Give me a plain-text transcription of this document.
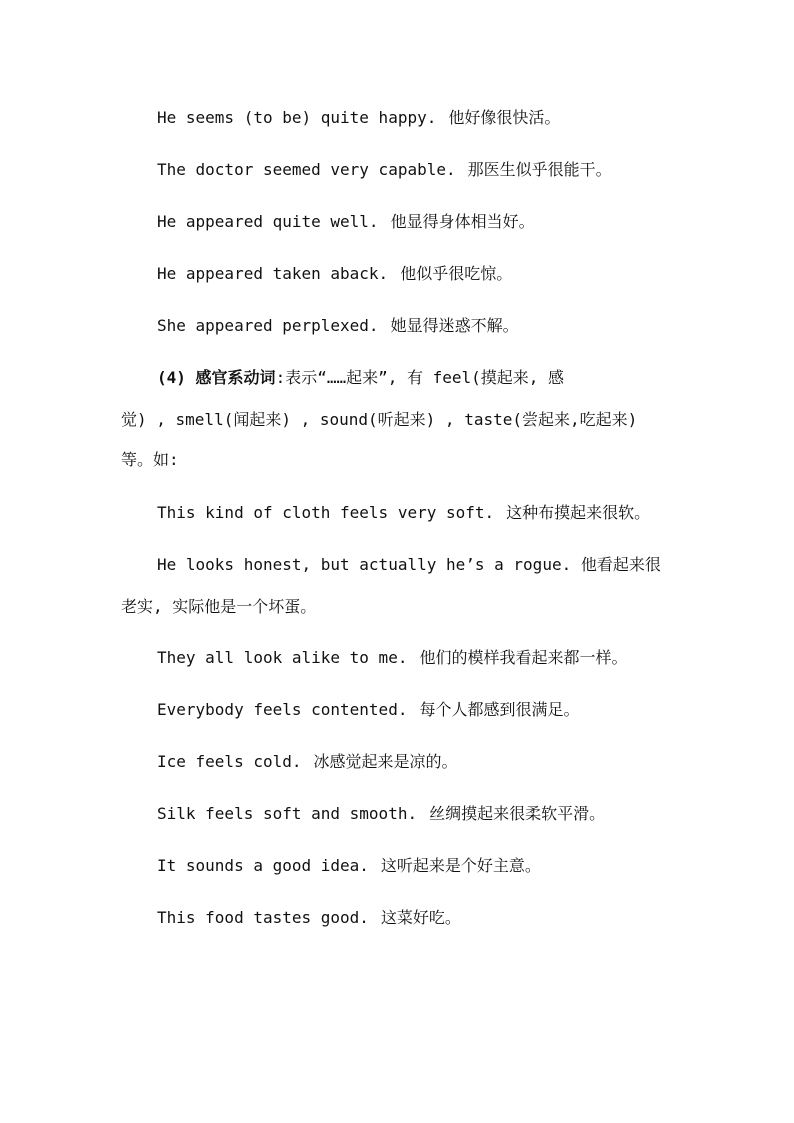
He seems (to be) quite happy. 他好像很快活。
The doctor seemed very capable. 那医生似乎很能干。
He appeared quite well. 他显得身体相当好。
He appeared taken aback. 他似乎很吃惊。
She appeared perplexed. 她显得迷惑不解。
(4) 感官系动词:表示“……起来”, 有 feel(摸起来, 感
觉) , smell(闻起来) , sound(听起来) , taste(尝起来,吃起来)
等。如:
This kind of cloth feels very soft. 这种布摸起来很软。
He looks honest, but actually he’s a rogue. 他看起来很
老实, 实际他是一个坏蛋。
They all look alike to me. 他们的模样我看起来都一样。
Everybody feels contented. 每个人都感到很满足。
Ice feels cold. 冰感觉起来是凉的。
Silk feels soft and smooth. 丝绸摸起来很柔软平滑。
It sounds a good idea. 这听起来是个好主意。
This food tastes good. 这菜好吃。
